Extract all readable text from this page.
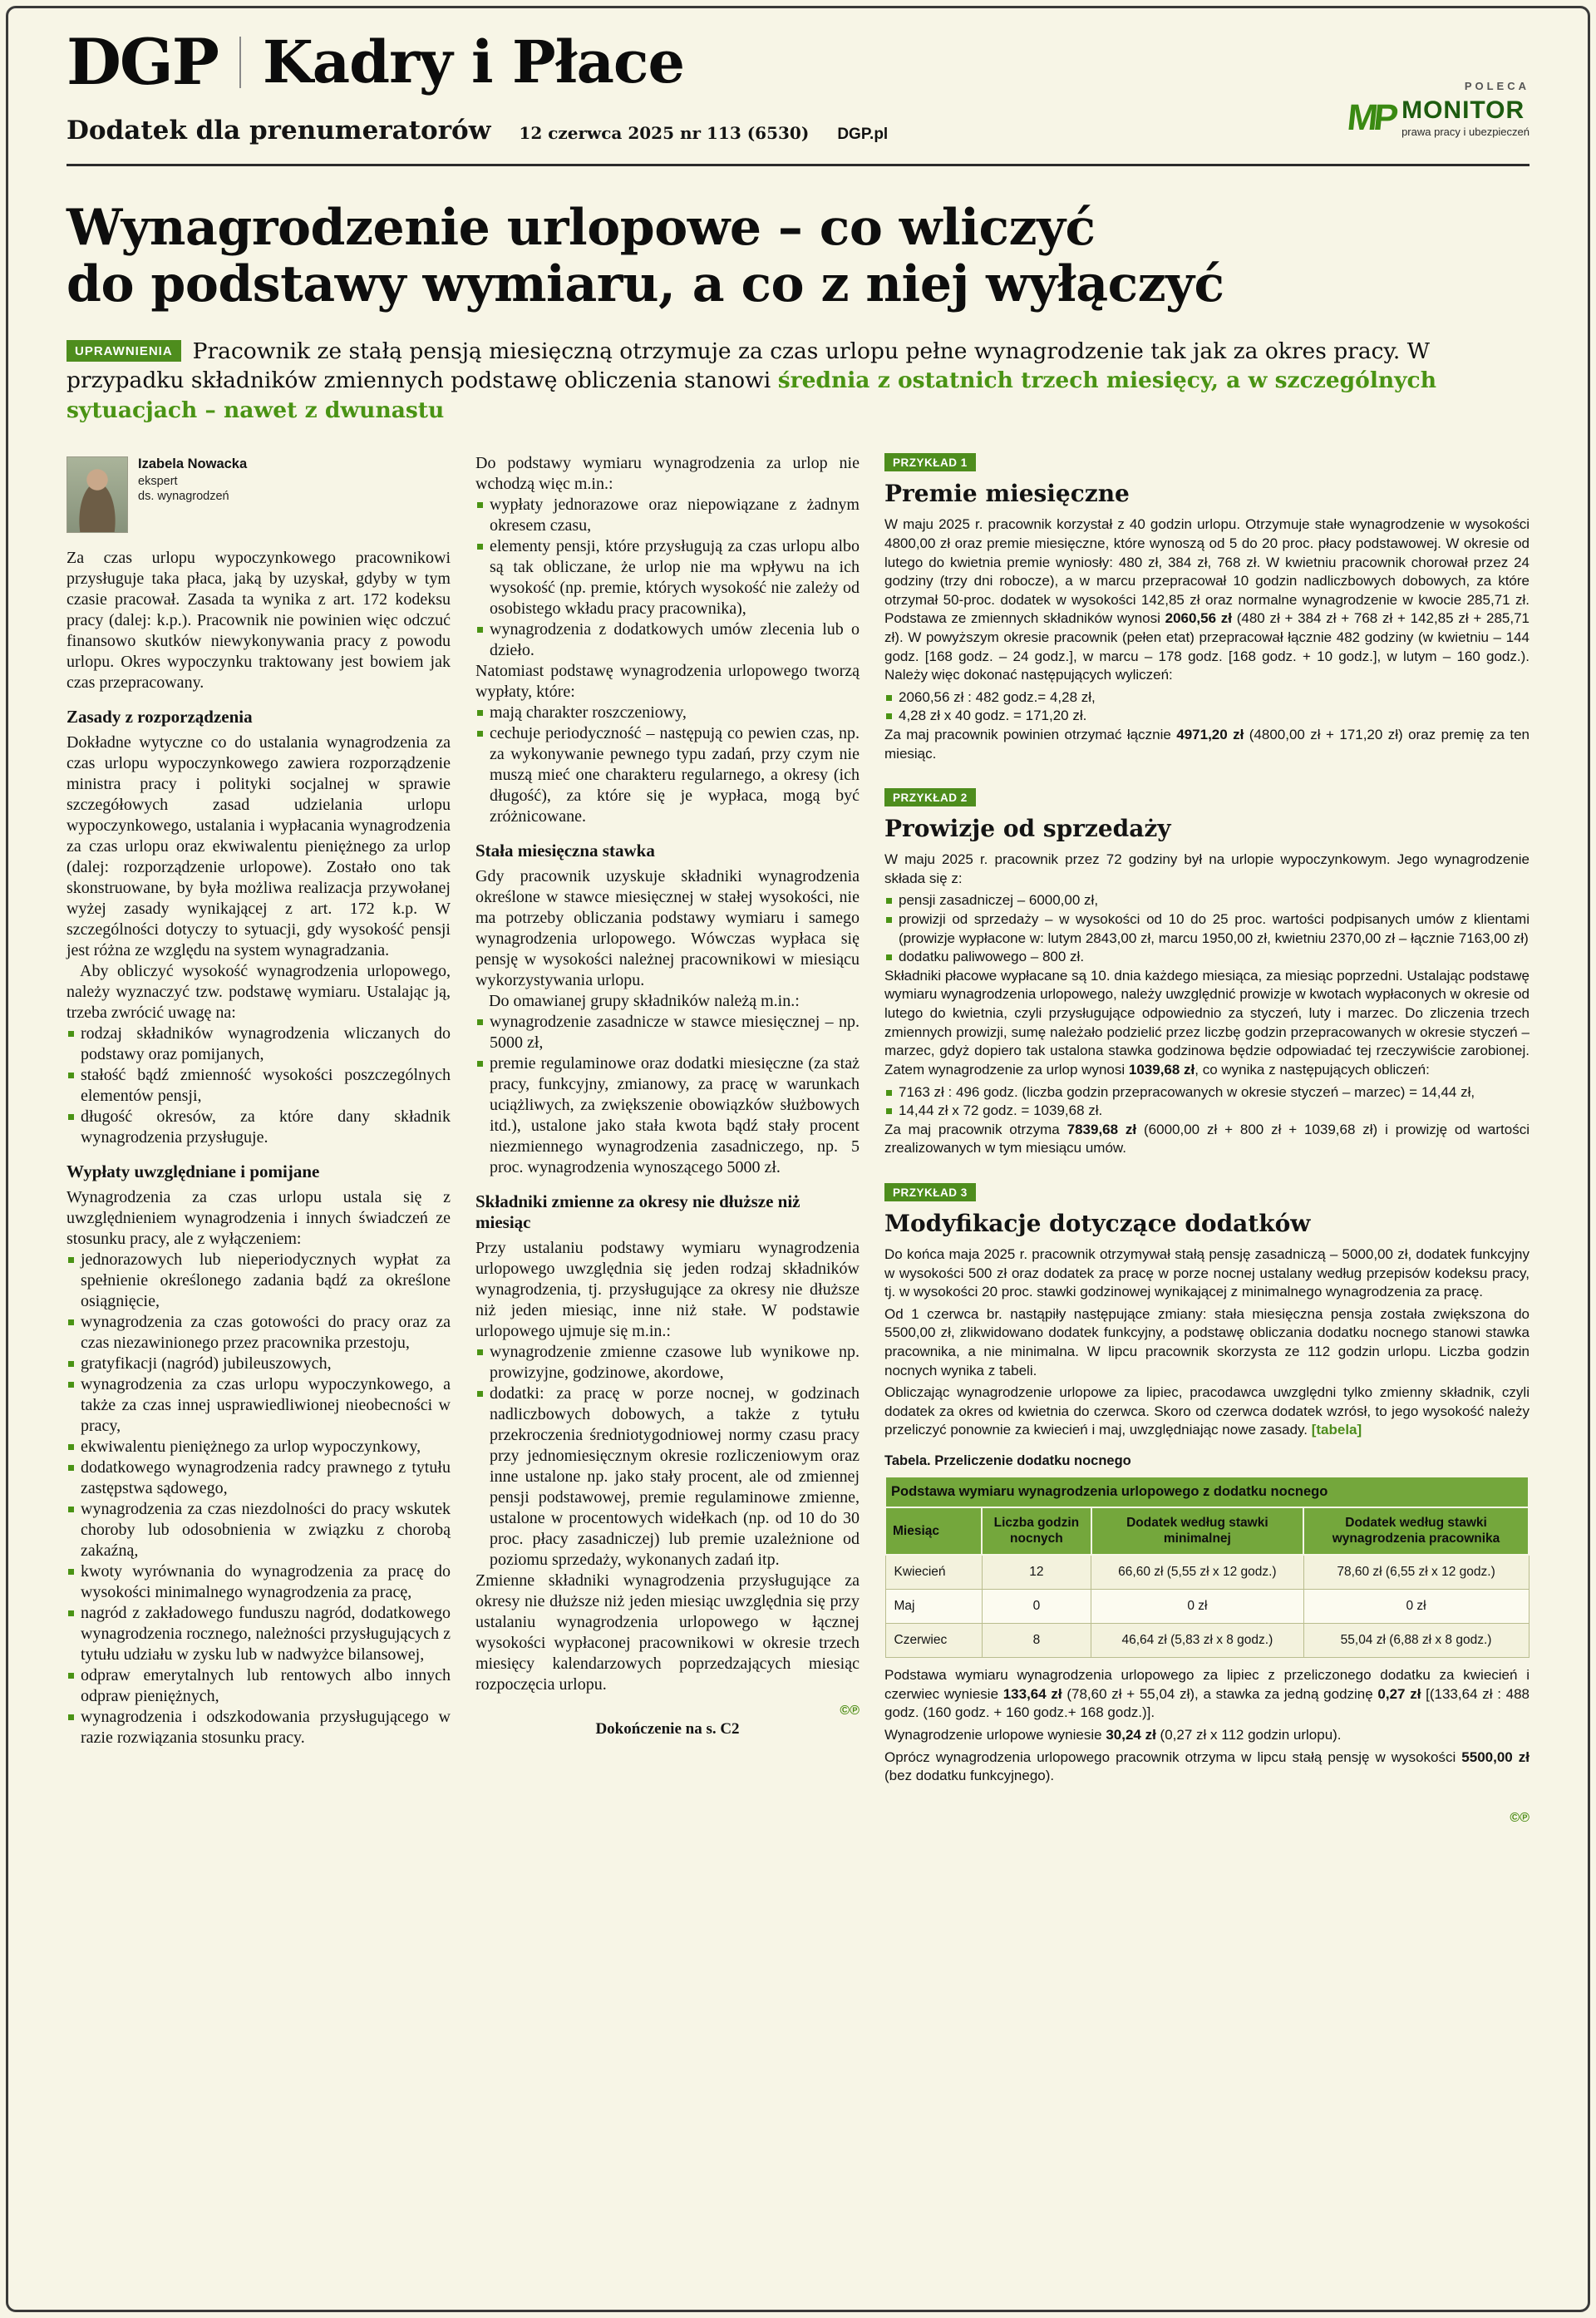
DGP Kadry i Płace
Dodatek dla prenumeratorów 12 czerwca 2025 nr 113 (6530) DGP.pl
POLECA
MP MONITOR
prawa pracy i ubezpieczeń
Wynagrodzenie urlopowe – co wliczyć
do podstawy wymiaru, a co z niej wyłączyć

UPRAWNIENIA Pracownik ze stałą pensją miesięczną otrzymuje za czas urlopu pełne wynagrodzenie tak jak za okres pracy. W przypadku składników zmiennych podstawę obliczenia stanowi średnia z ostatnich trzech miesięcy, a w szczególnych sytuacjach – nawet z dwunastu

Izabela Nowacka
ekspert
ds. wynagrodzeń

Za czas urlopu wypoczynkowego pracownikowi przysługuje taka płaca, jaką by uzyskał, gdyby w tym czasie pracował. Zasada ta wynika z art. 172 kodeksu pracy (dalej: k.p.). Pracownik nie powinien więc odczuć finansowo skutków niewykonywania pracy z powodu urlopu. Okres wypoczynku traktowany jest bowiem jak czas przepracowany.

Zasady z rozporządzenia

Dokładne wytyczne co do ustalania wynagrodzenia za czas urlopu wypoczynkowego zawiera rozporządzenie ministra pracy i polityki socjalnej w sprawie szczegółowych zasad udzielania urlopu wypoczynkowego, ustalania i wypłacania wynagrodzenia za czas urlopu oraz ekwiwalentu pieniężnego za urlop (dalej: rozporządzenie urlopowe). Zostało ono tak skonstruowane, by była możliwa realizacja przywołanej wyżej zasady wynikającej z art. 172 k.p. W szczególności dotyczy to sytuacji, gdy wysokość pensji jest różna ze względu na system wynagradzania.

Aby obliczyć wysokość wynagrodzenia urlopowego, należy wyznaczyć tzw. podstawę wymiaru. Ustalając ją, trzeba zwrócić uwagę na:

rodzaj składników wynagrodzenia wliczanych do podstawy oraz pomijanych,
stałość bądź zmienność wysokości poszczególnych elementów pensji,
długość okresów, za które dany składnik wynagrodzenia przysługuje.
Wypłaty uwzględniane i pomijane

Wynagrodzenia za czas urlopu ustala się z uwzględnieniem wynagrodzenia i innych świadczeń ze stosunku pracy, ale z wyłączeniem:

jednorazowych lub nieperiodycznych wypłat za spełnienie określonego zadania bądź za określone osiągnięcie,
wynagrodzenia za czas gotowości do pracy oraz za czas niezawinionego przez pracownika przestoju,
gratyfikacji (nagród) jubileuszowych,
wynagrodzenia za czas urlopu wypoczynkowego, a także za czas innej usprawiedliwionej nieobecności w pracy,
ekwiwalentu pieniężnego za urlop wypoczynkowy,
dodatkowego wynagrodzenia radcy prawnego z tytułu zastępstwa sądowego,
wynagrodzenia za czas niezdolności do pracy wskutek choroby lub odosobnienia w związku z chorobą zakaźną,
kwoty wyrównania do wynagrodzenia za pracę do wysokości minimalnego wynagrodzenia za pracę,
nagród z zakładowego funduszu nagród, dodatkowego wynagrodzenia rocznego, należności przysługujących z tytułu udziału w zysku lub w nadwyżce bilansowej,
odpraw emerytalnych lub rentowych albo innych odpraw pieniężnych,
wynagrodzenia i odszkodowania przysługującego w razie rozwiązania stosunku pracy.

Do podstawy wymiaru wynagrodzenia za urlop nie wchodzą więc m.in.:

wypłaty jednorazowe oraz niepowiązane z żadnym okresem czasu,
elementy pensji, które przysługują za czas urlopu albo są tak obliczane, że urlop nie ma wpływu na ich wysokość (np. premie, których wysokość nie zależy od osobistego wkładu pracy pracownika),
wynagrodzenia z dodatkowych umów zlecenia lub o dzieło.

Natomiast podstawę wynagrodzenia urlopowego tworzą wypłaty, które:

mają charakter roszczeniowy,
cechuje periodyczność – następują co pewien czas, np. za wykonywanie pewnego typu zadań, przy czym nie muszą mieć one charakteru regularnego, a okresy (ich długość), za które się je wypłaca, mogą być zróżnicowane.
Stała miesięczna stawka

Gdy pracownik uzyskuje składniki wynagrodzenia określone w stawce miesięcznej w stałej wysokości, nie ma potrzeby obliczania podstawy wymiaru i samego wynagrodzenia urlopowego. Wówczas wypłaca się pensję w wysokości należnej pracownikowi w miesiącu wykorzystywania urlopu.

Do omawianej grupy składników należą m.in.:

wynagrodzenie zasadnicze w stawce miesięcznej – np. 5000 zł,
premie regulaminowe oraz dodatki miesięczne (za staż pracy, funkcyjny, zmianowy, za pracę w warunkach uciążliwych, za zwiększenie obowiązków służbowych itd.), ustalone jako stała kwota bądź stały procent niezmiennego wynagrodzenia zasadniczego, np. 5 proc. wynagrodzenia wynoszącego 5000 zł.
Składniki zmienne za okresy nie dłuższe niż miesiąc

Przy ustalaniu podstawy wymiaru wynagrodzenia urlopowego uwzględnia się jeden rodzaj składników wynagrodzenia, tj. przysługujące za okresy nie dłuższe niż jeden miesiąc, inne niż stałe. W podstawie urlopowego ujmuje się m.in.:

wynagrodzenie zmienne czasowe lub wynikowe np. prowizyjne, godzinowe, akordowe,
dodatki: za pracę w porze nocnej, w godzinach nadliczbowych dobowych, a także z tytułu przekroczenia średniotygodniowej normy czasu pracy przy jednomiesięcznym okresie rozliczeniowym oraz inne ustalone np. jako stały procent, ale od zmiennej pensji podstawowej, premie regulaminowe zmienne, ustalone w procentowych widełkach (np. od 10 do 30 proc. płacy zasadniczej) lub premie uzależnione od poziomu sprzedaży, wykonanych zadań itp.

Zmienne składniki wynagrodzenia przysługujące za okresy nie dłuższe niż jeden miesiąc uwzględnia się przy ustalaniu wynagrodzenia urlopowego w łącznej wysokości wypłaconej pracownikowi w okresie trzech miesięcy kalendarzowych poprzedzających miesiąc rozpoczęcia urlopu.

©℗
Dokończenie na s. C2
PRZYKŁAD 1
Premie miesięczne

W maju 2025 r. pracownik korzystał z 40 godzin urlopu. Otrzymuje stałe wynagrodzenie w wysokości 4800,00 zł oraz premie miesięczne, które wynoszą od 5 do 20 proc. płacy podstawowej. W okresie od lutego do kwietnia premie wyniosły: 480 zł, 384 zł, 768 zł. W kwietniu pracownik chorował przez 24 godziny (trzy dni robocze), a w marcu przepracował 10 godzin nadliczbowych dobowych, za które otrzymał 50-proc. dodatek w wysokości 142,85 zł oraz normalne wynagrodzenie w kwocie 285,71 zł. Podstawa ze zmiennych składników wynosi 2060,56 zł (480 zł + 384 zł + 768 zł + 142,85 zł + 285,71 zł). W powyższym okresie pracownik (pełen etat) przepracował łącznie 482 godziny (w kwietniu – 144 godz. [168 godz. – 24 godz.], w marcu – 178 godz. [168 godz. + 10 godz.], w lutym – 160 godz.). Należy więc dokonać następujących wyliczeń:

2060,56 zł : 482 godz.= 4,28 zł,
4,28 zł x 40 godz. = 171,20 zł.

Za maj pracownik powinien otrzymać łącznie 4971,20 zł (4800,00 zł + 171,20 zł) oraz premię za ten miesiąc.

PRZYKŁAD 2
Prowizje od sprzedaży

W maju 2025 r. pracownik przez 72 godziny był na urlopie wypoczynkowym. Jego wynagrodzenie składa się z:

pensji zasadniczej – 6000,00 zł,
prowizji od sprzedaży – w wysokości od 10 do 25 proc. wartości podpisanych umów z klientami (prowizje wypłacone w: lutym 2843,00 zł, marcu 1950,00 zł, kwietniu 2370,00 zł – łącznie 7163,00 zł)
dodatku paliwowego – 800 zł.

Składniki płacowe wypłacane są 10. dnia każdego miesiąca, za miesiąc poprzedni. Ustalając podstawę wymiaru wynagrodzenia urlopowego, należy uwzględnić prowizje w kwotach wypłaconych w okresie od lutego do kwietnia, czyli przysługujące odpowiednio za styczeń, luty i marzec. Do zliczenia trzech zmiennych prowizji, sumę należało podzielić przez liczbę godzin przepracowanych w okresie styczeń – marzec, gdyż dopiero tak ustalona stawka godzinowa będzie odpowiadać tej rzeczywiście zarobionej. Zatem wynagrodzenie za urlop wynosi 1039,68 zł, co wynika z następujących obliczeń:

7163 zł : 496 godz. (liczba godzin przepracowanych w okresie styczeń – marzec) = 14,44 zł,
14,44 zł x 72 godz. = 1039,68 zł.

Za maj pracownik otrzyma 7839,68 zł (6000,00 zł + 800 zł + 1039,68 zł) i prowizję od wartości zrealizowanych w tym miesiącu umów.

PRZYKŁAD 3
Modyfikacje dotyczące dodatków

Do końca maja 2025 r. pracownik otrzymywał stałą pensję zasadniczą – 5000,00 zł, dodatek funkcyjny w wysokości 500 zł oraz dodatek za pracę w porze nocnej ustalany według przepisów kodeksu pracy, tj. w wysokości 20 proc. stawki godzinowej wynikającej z minimalnego wynagrodzenia za pracę.

Od 1 czerwca br. nastąpiły następujące zmiany: stała miesięczna pensja została zwiększona do 5500,00 zł, zlikwidowano dodatek funkcyjny, a podstawę obliczania dodatku nocnego stanowi stawka pracownika, a nie minimalna. W lipcu pracownik skorzysta ze 112 godzin urlopu. Liczba godzin nocnych wynika z tabeli.

Obliczając wynagrodzenie urlopowe za lipiec, pracodawca uwzględni tylko zmienny składnik, czyli dodatek za okres od kwietnia do czerwca. Skoro od czerwca dodatek wzrósł, to jego wysokość należy przeliczyć ponownie za kwiecień i maj, uwzględniając nowe zasady. [tabela]

Tabela. Przeliczenie dodatku nocnego
Podstawa wymiaru wynagrodzenia urlopowego z dodatku nocnego			
Miesiąc	Liczba godzin nocnych	Dodatek według stawki minimalnej	Dodatek według stawki wynagrodzenia pracownika
Kwiecień	12	66,60 zł (5,55 zł x 12 godz.)	78,60 zł (6,55 zł x 12 godz.)
Maj	0	0 zł	0 zł
Czerwiec	8	46,64 zł (5,83 zł x 8 godz.)	55,04 zł (6,88 zł x 8 godz.)

Podstawa wymiaru wynagrodzenia urlopowego za lipiec z przeliczonego dodatku za kwiecień i czerwiec wyniesie 133,64 zł (78,60 zł + 55,04 zł), a stawka za jedną godzinę 0,27 zł [(133,64 zł : 488 godz. (160 godz. + 160 godz.+ 168 godz.)].

Wynagrodzenie urlopowe wyniesie 30,24 zł (0,27 zł x 112 godzin urlopu).

Oprócz wynagrodzenia urlopowego pracownik otrzyma w lipcu stałą pensję w wysokości 5500,00 zł (bez dodatku funkcyjnego).

©℗
